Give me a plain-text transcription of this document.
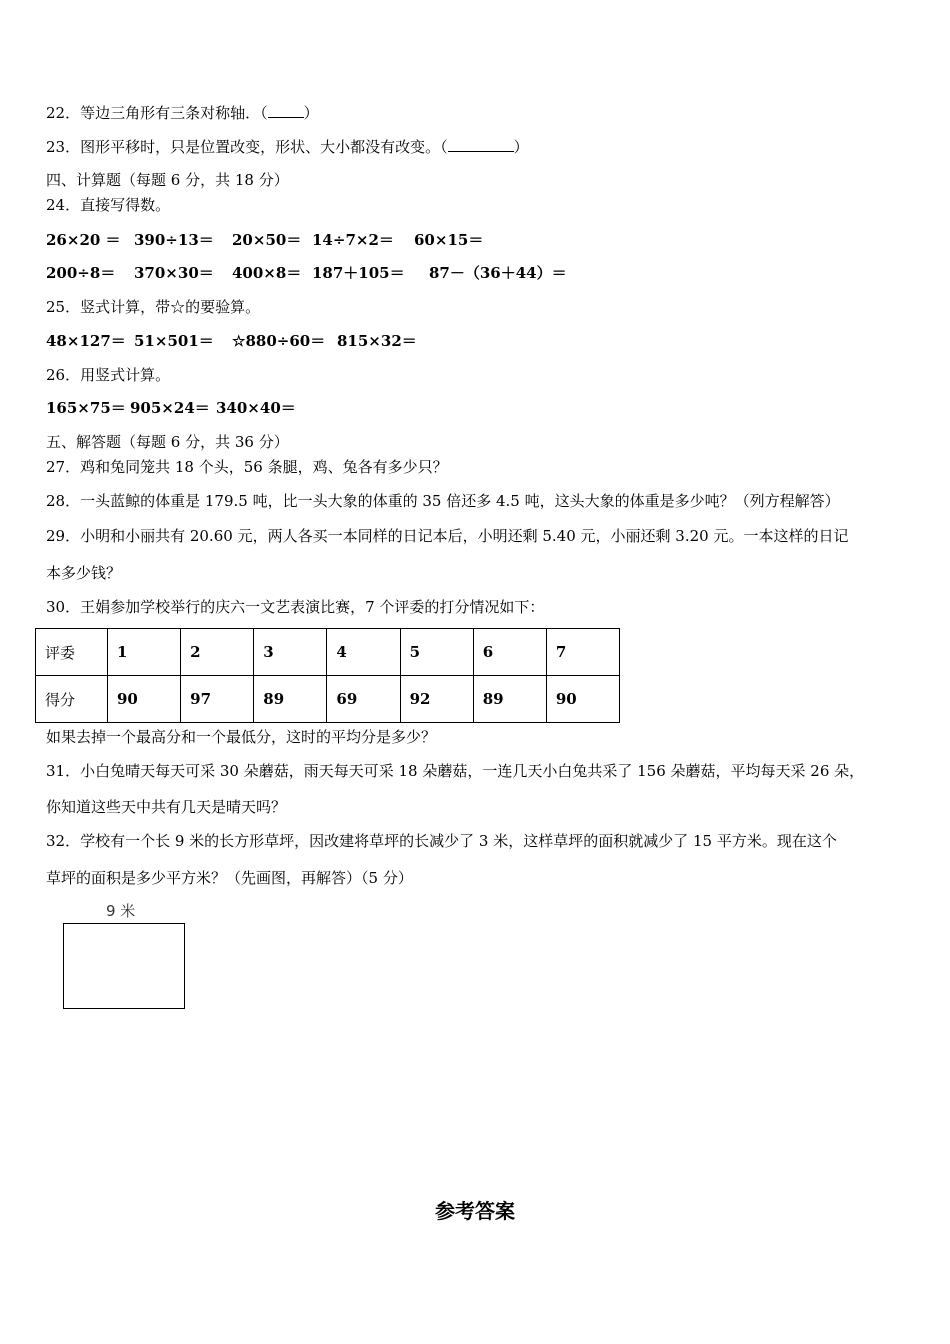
22．等边三角形有三条对称轴．（ ）
23．图形平移时，只是位置改变，形状、大小都没有改变。（	）
四、计算题（每题 6 分，共 18 分）
24．直接写得数。
26×20 ＝ 390÷13＝ 20×50＝ 14÷7×2＝ 60×15＝
200÷8＝ 370×30＝ 400×8＝ 187＋105＝ 87－（36＋44）＝
25．竖式计算，带☆的要验算。
48×127＝ 51×501＝ ☆880÷60＝ 815×32＝
26．用竖式计算。
165×75＝ 905×24＝ 340×40＝
五、解答题（每题 6 分，共 36 分）
27．鸡和兔同笼共 18 个头，56 条腿，鸡、兔各有多少只？
28．一头蓝鲸的体重是 179.5 吨，比一头大象的体重的 35 倍还多 4.5 吨，这头大象的体重是多少吨？（列方程解答）
29．小明和小丽共有 20.60 元，两人各买一本同样的日记本后，小明还剩 5.40 元，小丽还剩 3.20 元。一本这样的日记
本多少钱？
30．王娟参加学校举行的庆六一文艺表演比赛，7 个评委的打分情况如下：
评委	1	2	3	4	5	6	7
得分	90	97	89	69	92	89	90
如果去掉一个最高分和一个最低分，这时的平均分是多少？
31．小白兔晴天每天可采 30 朵蘑菇，雨天每天可采 18 朵蘑菇，一连几天小白兔共采了 156 朵蘑菇，平均每天采 26 朵，
你知道这些天中共有几天是晴天吗？
32．学校有一个长 9 米的长方形草坪，因改建将草坪的长减少了 3 米，这样草坪的面积就减少了 15 平方米。现在这个
草坪的面积是多少平方米？（先画图，再解答）（5 分）
9 米
参考答案
